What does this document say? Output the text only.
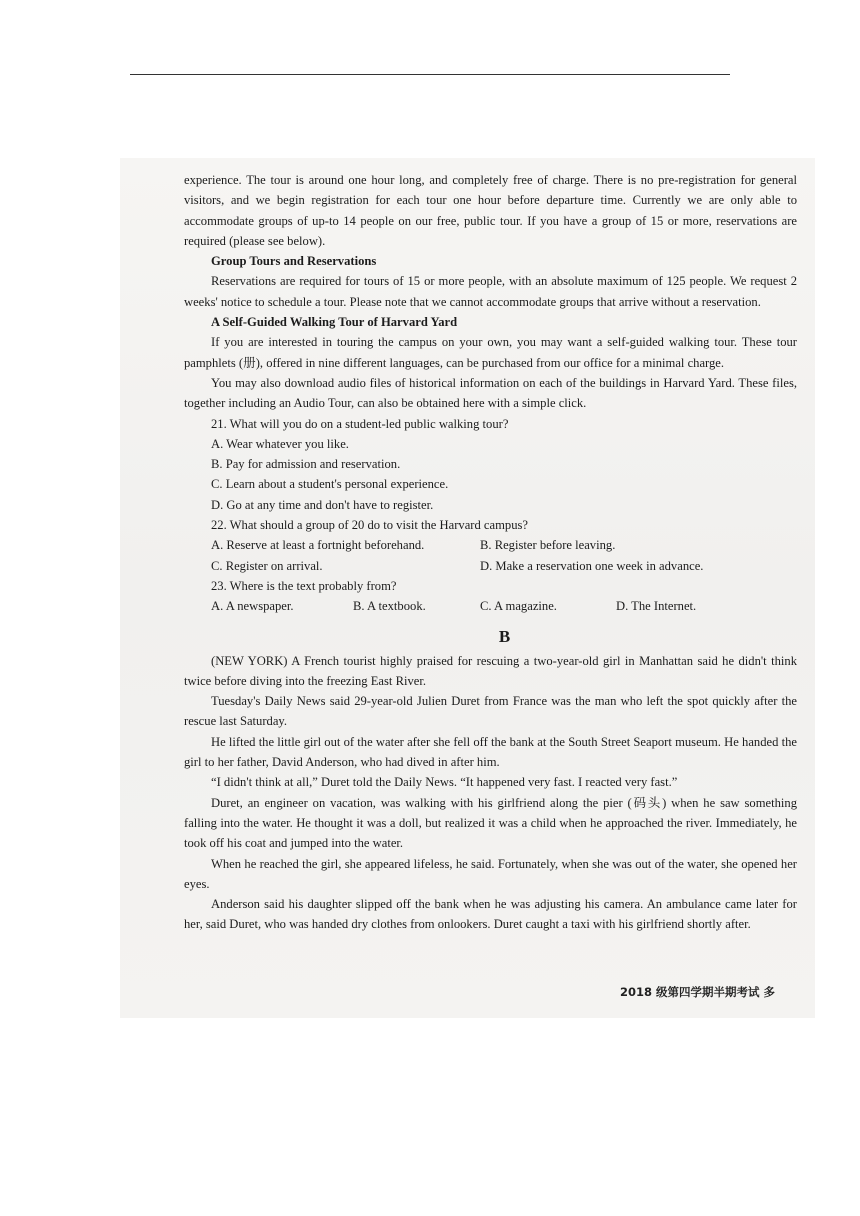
experience. The tour is around one hour long, and completely free of charge. There is no pre-registration for general visitors, and we begin registration for each tour one hour before departure time. Currently we are only able to accommodate groups of up-to 14 people on our free, public tour. If you have a group of 15 or more, reservations are required (please see below).

Group Tours and Reservations

Reservations are required for tours of 15 or more people, with an absolute maximum of 125 people. We request 2 weeks' notice to schedule a tour. Please note that we cannot accommodate groups that arrive without a reservation.

A Self-Guided Walking Tour of Harvard Yard

If you are interested in touring the campus on your own, you may want a self-guided walking tour. These tour pamphlets (册), offered in nine different languages, can be purchased from our office for a minimal charge.

You may also download audio files of historical information on each of the buildings in Harvard Yard. These files, together including an Audio Tour, can also be obtained here with a simple click.

21. What will you do on a student-led public walking tour?

A. Wear whatever you like.

B. Pay for admission and reservation.

C. Learn about a student's personal experience.

D. Go at any time and don't have to register.

22. What should a group of 20 do to visit the Harvard campus?

A. Reserve at least a fortnight beforehand.	B. Register before leaving.
C. Register on arrival.	D. Make a reservation one week in advance.

23. Where is the text probably from?

A. A newspaper.	B. A textbook.	C. A magazine.	D. The Internet.
B

(NEW YORK) A French tourist highly praised for rescuing a two-year-old girl in Manhattan said he didn't think twice before diving into the freezing East River.

Tuesday's Daily News said 29-year-old Julien Duret from France was the man who left the spot quickly after the rescue last Saturday.

He lifted the little girl out of the water after she fell off the bank at the South Street Seaport museum. He handed the girl to her father, David Anderson, who had dived in after him.

“I didn't think at all,” Duret told the Daily News. “It happened very fast. I reacted very fast.”

Duret, an engineer on vacation, was walking with his girlfriend along the pier (码头) when he saw something falling into the water. He thought it was a doll, but realized it was a child when he approached the river. Immediately, he took off his coat and jumped into the water.

When he reached the girl, she appeared lifeless, he said. Fortunately, when she was out of the water, she opened her eyes.

Anderson said his daughter slipped off the bank when he was adjusting his camera. An ambulance came later for her, said Duret, who was handed dry clothes from onlookers. Duret caught a taxi with his girlfriend shortly after.

2018 级第四学期半期考试 多
